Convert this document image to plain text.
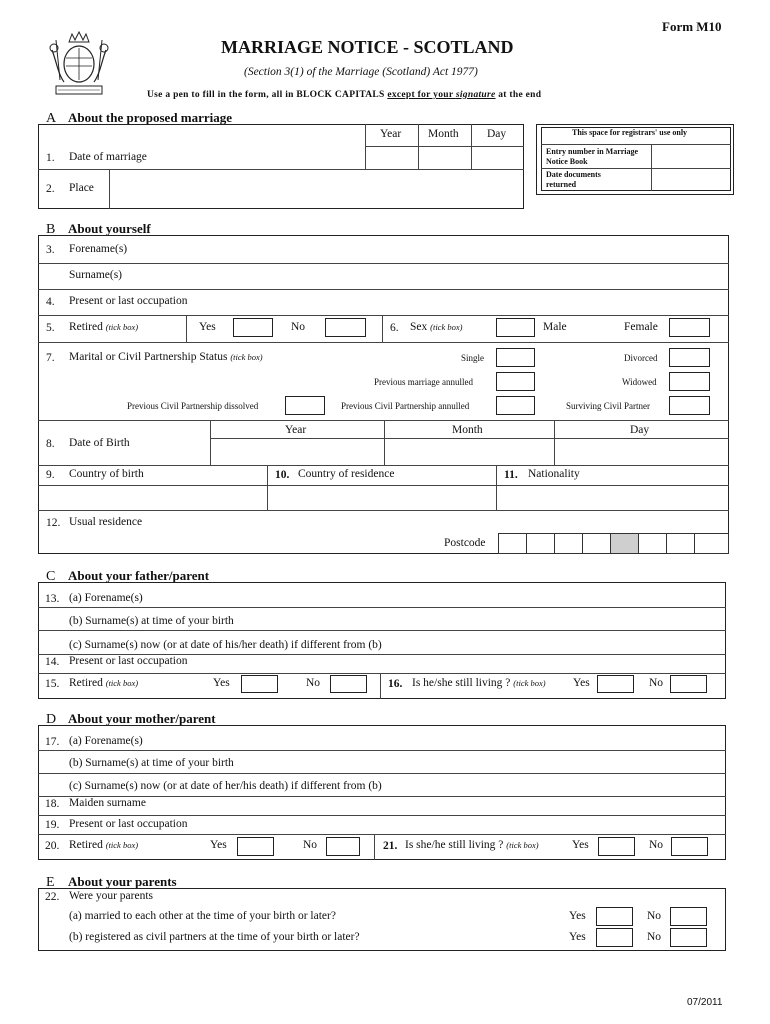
Form M10
MARRIAGE NOTICE - SCOTLAND
(Section 3(1) of the Marriage (Scotland) Act 1977)
Use a pen to fill in the form, all in BLOCK CAPITALS except for your signature at the end
A About the proposed marriage
Year Month Day
1. Date of marriage
2. Place
This space for registrars' use only
Entry number in Marriage Notice Book
Date documents returned
B About yourself
3. Forename(s)
Surname(s)
4. Present or last occupation
5. Retired (tick box)	Yes	No	6. Sex (tick box)	Male	Female
7. Marital or Civil Partnership Status (tick box)	Single	Divorced
Previous marriage annulled	Widowed
Previous Civil Partnership dissolved	Previous Civil Partnership annulled	Surviving Civil Partner
8. Date of Birth
Year	Month	Day
9. Country of birth	10. Country of residence	11. Nationality
12. Usual residence
Postcode
C About your father/parent
13. (a) Forename(s)
(b) Surname(s) at time of your birth
(c) Surname(s) now (or at date of his/her death) if different from (b)
14. Present or last occupation
15. Retired (tick box)	Yes	No	16. Is he/she still living ? (tick box) Yes	No
D About your mother/parent
17. (a) Forename(s)
(b) Surname(s) at time of your birth
(c) Surname(s) now (or at date of her/his death) if different from (b)
18. Maiden surname
19. Present or last occupation
20. Retired (tick box)	Yes	No	21. Is she/he still living ? (tick box)	Yes	No
E About your parents
22. Were your parents
(a) married to each other at the time of your birth or later?
(b) registered as civil partners at the time of your birth or later?
Yes	No
Yes	No
07/2011
